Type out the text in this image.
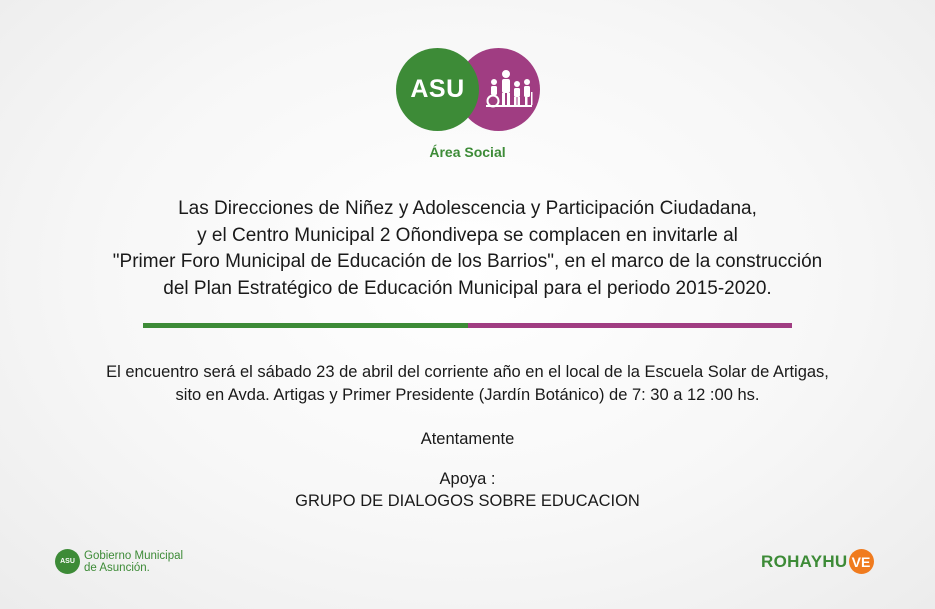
ASU
Área Social
Las Direcciones de Niñez y Adolescencia y Participación Ciudadana,
y el Centro Municipal 2 Oñondivepa se complacen en invitarle al
"Primer Foro Municipal de Educación de los Barrios", en el marco de la construcción
del Plan Estratégico de Educación Municipal para el periodo 2015-2020.
El encuentro será el sábado 23 de abril del corriente año en el local de la Escuela Solar de Artigas,
sito en Avda. Artigas y Primer Presidente (Jardín Botánico) de 7: 30 a 12 :00 hs.
Atentamente
Apoya :
GRUPO DE DIALOGOS SOBRE EDUCACION
ASU Gobierno Municipal
de Asunción.	ROHAYHU VE
